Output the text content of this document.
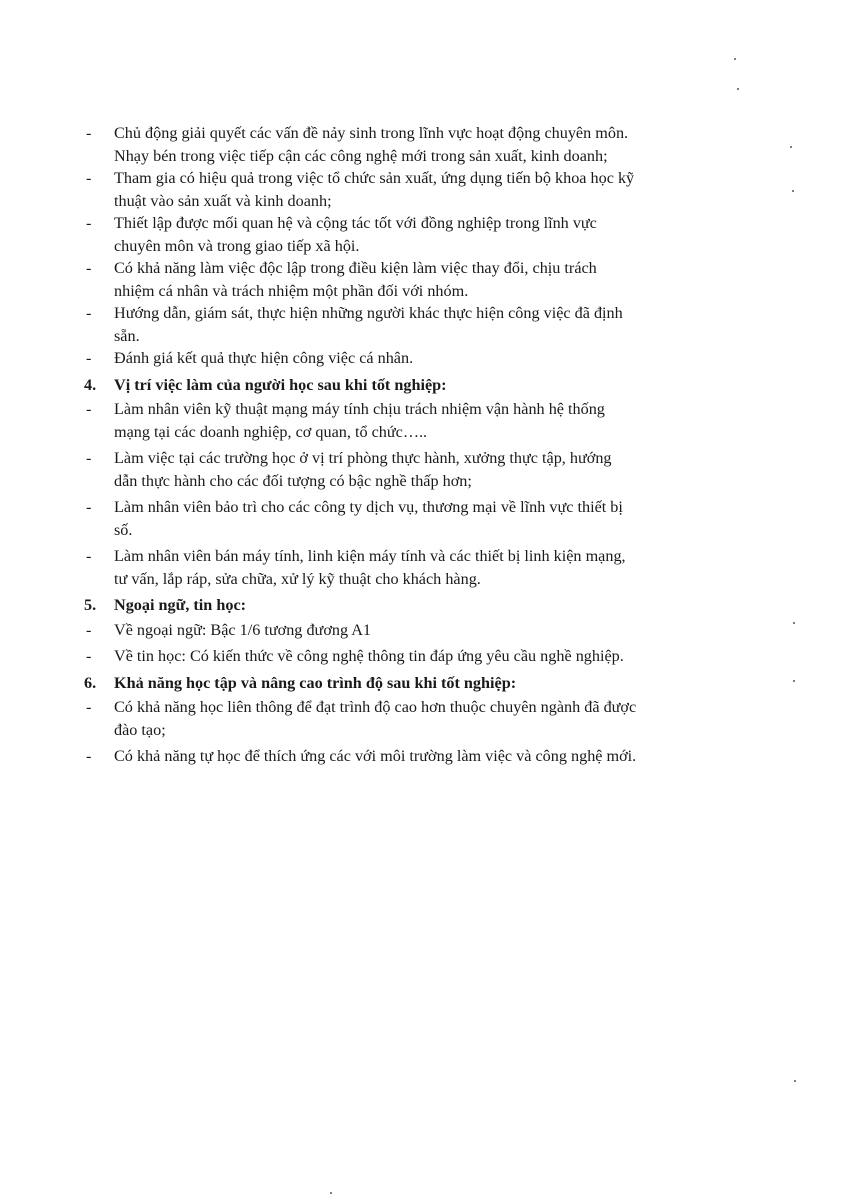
- Chủ động giải quyết các vấn đề nảy sinh trong lĩnh vực hoạt động chuyên môn.
Nhạy bén trong việc tiếp cận các công nghệ mới trong sản xuất, kinh doanh;
- Tham gia có hiệu quả trong việc tổ chức sản xuất, ứng dụng tiến bộ khoa học kỹ
thuật vào sản xuất và kinh doanh;
- Thiết lập được mối quan hệ và cộng tác tốt với đồng nghiệp trong lĩnh vực
chuyên môn và trong giao tiếp xã hội.
- Có khả năng làm việc độc lập trong điều kiện làm việc thay đổi, chịu trách
nhiệm cá nhân và trách nhiệm một phần đối với nhóm.
- Hướng dẫn, giám sát, thực hiện những người khác thực hiện công việc đã định
sẵn.
- Đánh giá kết quả thực hiện công việc cá nhân.
4. Vị trí việc làm của người học sau khi tốt nghiệp:
- Làm nhân viên kỹ thuật mạng máy tính chịu trách nhiệm vận hành hệ thống
mạng tại các doanh nghiệp, cơ quan, tổ chức…..
- Làm việc tại các trường học ở vị trí phòng thực hành, xưởng thực tập, hướng
dẫn thực hành cho các đối tượng có bậc nghề thấp hơn;
- Làm nhân viên bảo trì cho các công ty dịch vụ, thương mại về lĩnh vực thiết bị
số.
- Làm nhân viên bán máy tính, linh kiện máy tính và các thiết bị linh kiện mạng,
tư vấn, lắp ráp, sửa chữa, xử lý kỹ thuật cho khách hàng.
5. Ngoại ngữ, tin học:
- Về ngoại ngữ: Bậc 1/6 tương đương A1
- Về tin học: Có kiến thức về công nghệ thông tin đáp ứng yêu cầu nghề nghiệp.
6. Khả năng học tập và nâng cao trình độ sau khi tốt nghiệp:
- Có khả năng học liên thông để đạt trình độ cao hơn thuộc chuyên ngành đã được
đào tạo;
- Có khả năng tự học để thích ứng các với môi trường làm việc và công nghệ mới.
